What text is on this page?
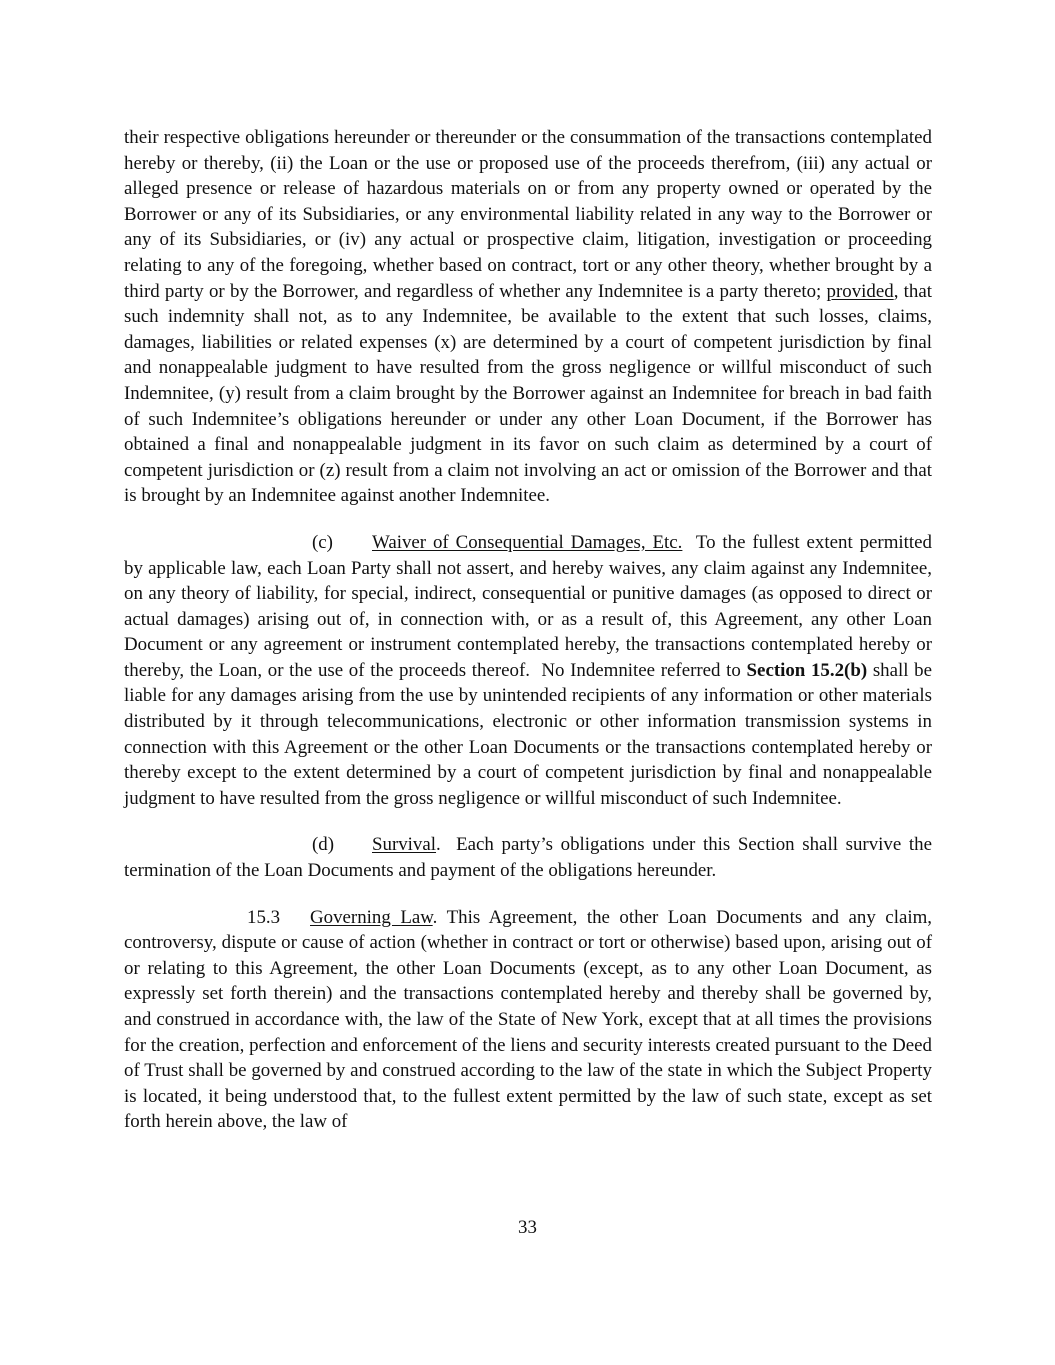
their respective obligations hereunder or thereunder or the consummation of the transactions contemplated hereby or thereby, (ii) the Loan or the use or proposed use of the proceeds therefrom, (iii) any actual or alleged presence or release of hazardous materials on or from any property owned or operated by the Borrower or any of its Subsidiaries, or any environmental liability related in any way to the Borrower or any of its Subsidiaries, or (iv) any actual or prospective claim, litigation, investigation or proceeding relating to any of the foregoing, whether based on contract, tort or any other theory, whether brought by a third party or by the Borrower, and regardless of whether any Indemnitee is a party thereto; provided, that such indemnity shall not, as to any Indemnitee, be available to the extent that such losses, claims, damages, liabilities or related expenses (x) are determined by a court of competent jurisdiction by final and nonappealable judgment to have resulted from the gross negligence or willful misconduct of such Indemnitee, (y) result from a claim brought by the Borrower against an Indemnitee for breach in bad faith of such Indemnitee’s obligations hereunder or under any other Loan Document, if the Borrower has obtained a final and nonappealable judgment in its favor on such claim as determined by a court of competent jurisdiction or (z) result from a claim not involving an act or omission of the Borrower and that is brought by an Indemnitee against another Indemnitee.

(c) Waiver of Consequential Damages, Etc.  To the fullest extent permitted by applicable law, each Loan Party shall not assert, and hereby waives, any claim against any Indemnitee, on any theory of liability, for special, indirect, consequential or punitive damages (as opposed to direct or actual damages) arising out of, in connection with, or as a result of, this Agreement, any other Loan Document or any agreement or instrument contemplated hereby, the transactions contemplated hereby or thereby, the Loan, or the use of the proceeds thereof.  No Indemnitee referred to Section 15.2(b) shall be liable for any damages arising from the use by unintended recipients of any information or other materials distributed by it through telecommunications, electronic or other information transmission systems in connection with this Agreement or the other Loan Documents or the transactions contemplated hereby or thereby except to the extent determined by a court of competent jurisdiction by final and nonappealable judgment to have resulted from the gross negligence or willful misconduct of such Indemnitee.

(d) Survival.  Each party’s obligations under this Section shall survive the termination of the Loan Documents and payment of the obligations hereunder.

15.3 Governing Law. This Agreement, the other Loan Documents and any claim, controversy, dispute or cause of action (whether in contract or tort or otherwise) based upon, arising out of or relating to this Agreement, the other Loan Documents (except, as to any other Loan Document, as expressly set forth therein) and the transactions contemplated hereby and thereby shall be governed by, and construed in accordance with, the law of the State of New York, except that at all times the provisions for the creation, perfection and enforcement of the liens and security interests created pursuant to the Deed of Trust shall be governed by and construed according to the law of the state in which the Subject Property is located, it being understood that, to the fullest extent permitted by the law of such state, except as set forth herein above, the law of

33
